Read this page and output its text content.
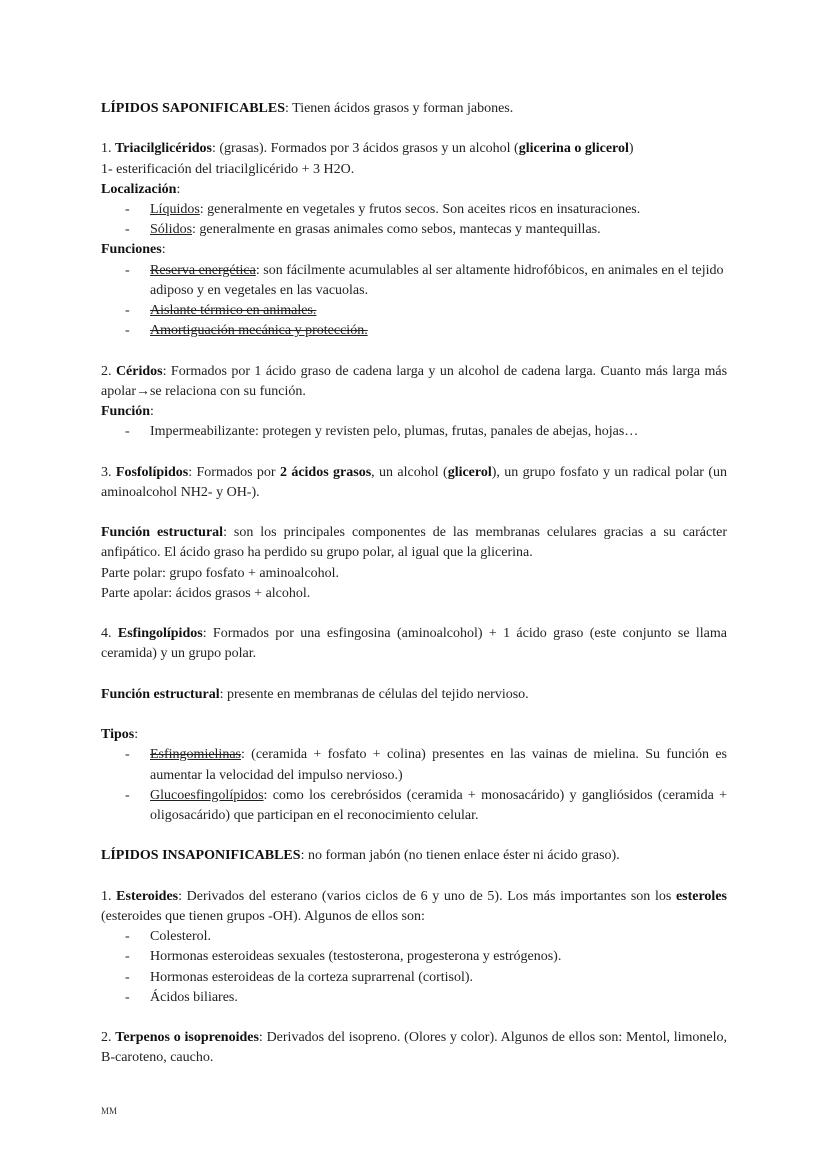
LÍPIDOS SAPONIFICABLES: Tienen ácidos grasos y forman jabones.

1. Triacilglicéridos: (grasas). Formados por 3 ácidos grasos y un alcohol (glicerina o glicerol)

1- esterificación del triacilglicérido + 3 H2O.

Localización:

- Líquidos: generalmente en vegetales y frutos secos. Son aceites ricos en insaturaciones.
- Sólidos: generalmente en grasas animales como sebos, mantecas y mantequillas.

Funciones:

- Reserva energética: son fácilmente acumulables al ser altamente hidrofóbicos, en animales en el tejido adiposo y en vegetales en las vacuolas.
- Aislante térmico en animales.
- Amortiguación mecánica y protección.

2. Céridos: Formados por 1 ácido graso de cadena larga y un alcohol de cadena larga. Cuanto más larga más apolar→se relaciona con su función.

Función:

- Impermeabilizante: protegen y revisten pelo, plumas, frutas, panales de abejas, hojas…

3. Fosfolípidos: Formados por 2 ácidos grasos, un alcohol (glicerol), un grupo fosfato y un radical polar (un aminoalcohol NH2- y OH-).

Función estructural: son los principales componentes de las membranas celulares gracias a su carácter anfipático. El ácido graso ha perdido su grupo polar, al igual que la glicerina.

Parte polar: grupo fosfato + aminoalcohol.

Parte apolar: ácidos grasos + alcohol.

4. Esfingolípidos: Formados por una esfingosina (aminoalcohol) + 1 ácido graso (este conjunto se llama ceramida) y un grupo polar.

Función estructural: presente en membranas de células del tejido nervioso.

Tipos:

- Esfingomielinas: (ceramida + fosfato + colina) presentes en las vainas de mielina. Su función es aumentar la velocidad del impulso nervioso.)
- Glucoesfingolípidos: como los cerebrósidos (ceramida + monosacárido) y gangliósidos (ceramida + oligosacárido) que participan en el reconocimiento celular.

LÍPIDOS INSAPONIFICABLES: no forman jabón (no tienen enlace éster ni ácido graso).

1. Esteroides: Derivados del esterano (varios ciclos de 6 y uno de 5). Los más importantes son los esteroles (esteroides que tienen grupos -OH). Algunos de ellos son:

- Colesterol.
- Hormonas esteroideas sexuales (testosterona, progesterona y estrógenos).
- Hormonas esteroideas de la corteza suprarrenal (cortisol).
- Ácidos biliares.

2. Terpenos o isoprenoides: Derivados del isopreno. (Olores y color). Algunos de ellos son: Mentol, limonelo, B-caroteno, caucho.

MM
